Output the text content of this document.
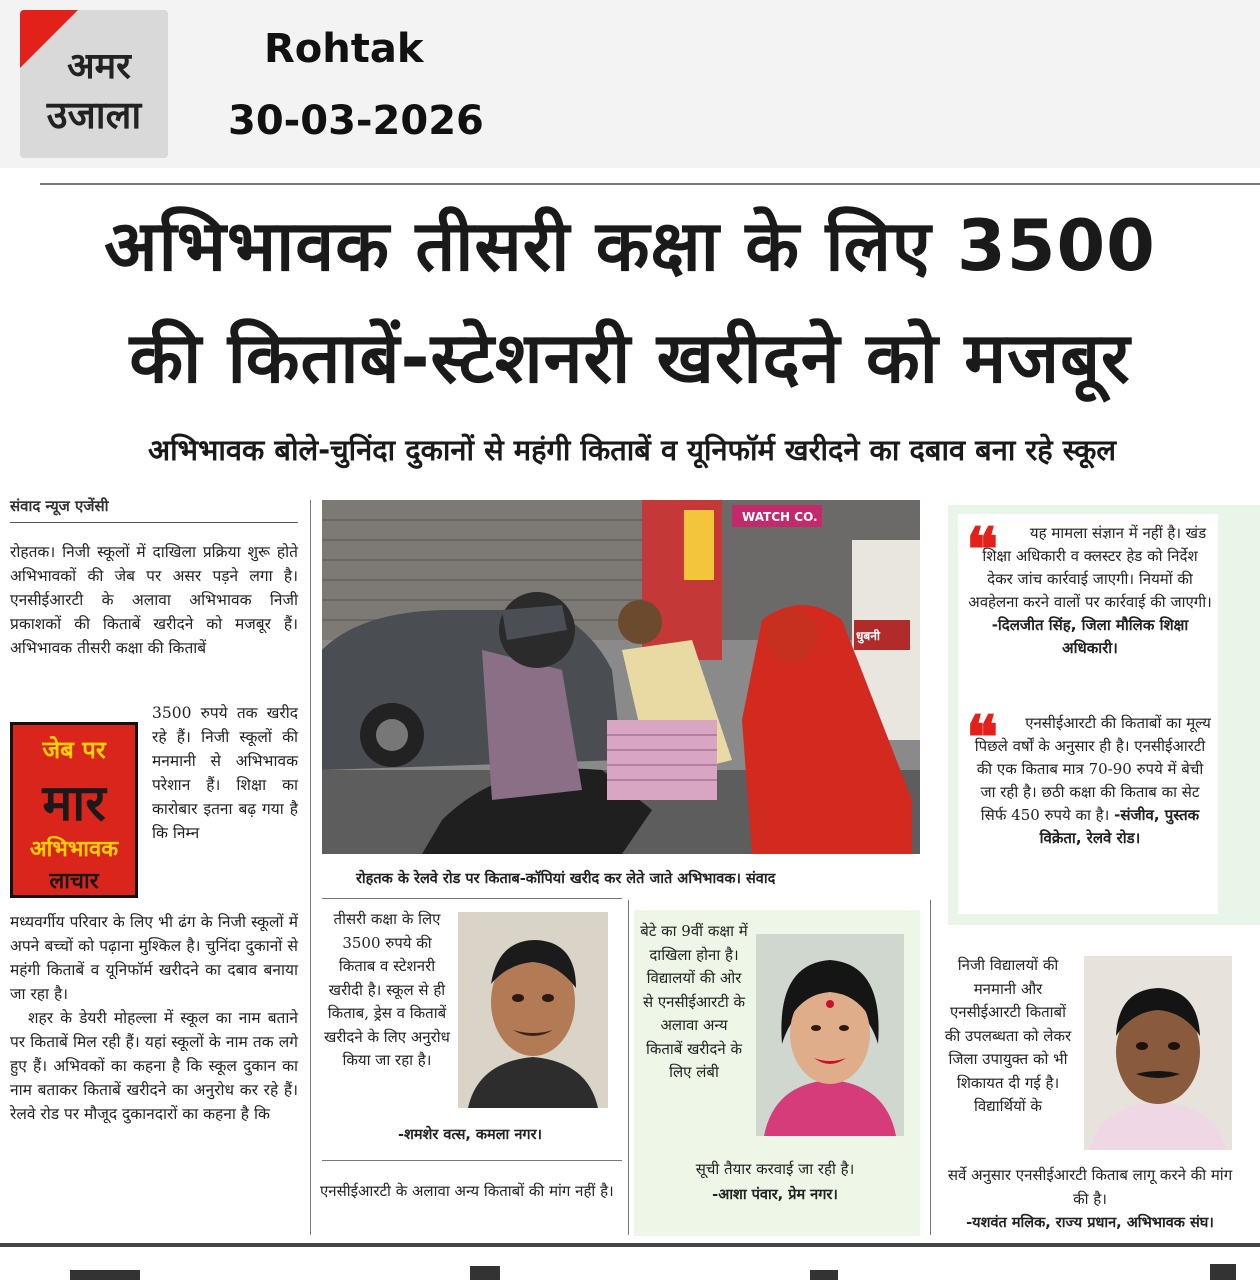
अमर
उजाला
Rohtak
30-03-2026
अभिभावक तीसरी कक्षा के लिए 3500
की किताबें-स्टेशनरी खरीदने को मजबूर
अभिभावक बोले-चुनिंदा दुकानों से महंगी किताबें व यूनिफॉर्म खरीदने का दबाव बना रहे स्कूल
संवाद न्यूज एजेंसी
रोहतक। निजी स्कूलों में दाखिला प्रक्रिया शुरू होते अभिभावकों की जेब पर असर पड़ने लगा है। एनसीईआरटी के अलावा अभिभावक निजी प्रकाशकों की किताबें खरीदने को मजबूर हैं। अभिभावक तीसरी कक्षा की किताबें
3500 रुपये तक खरीद रहे हैं। निजी स्कूलों की मनमानी से अभिभावक परेशान हैं। शिक्षा का कारोबार इतना बढ़ गया है कि निम्न
जेब पर
मार
अभिभावक
लाचार
मध्यवर्गीय परिवार के लिए भी ढंग के निजी स्कूलों में अपने बच्चों को पढ़ाना मुश्किल है। चुनिंदा दुकानों से महंगी किताबें व यूनिफॉर्म खरीदने का दबाव बनाया जा रहा है।
शहर के डेयरी मोहल्ला में स्कूल का नाम बताने पर किताबें मिल रही हैं। यहां स्कूलों के नाम तक लगे हुए हैं। अभिवकों का कहना है कि स्कूल दुकान का नाम बताकर किताबें खरीदने का अनुरोध कर रहे हैं। रेलवे रोड पर मौजूद दुकानदारों का कहना है कि
WATCH CO.
धुबनी
रोहतक के रेलवे रोड पर किताब-कॉपियां खरीद कर लेते जाते अभिभावक। संवाद
❝	यह मामला संज्ञान में नहीं है। खंड शिक्षा अधिकारी व क्लस्टर हेड को निर्देश देकर जांच कार्रवाई जाएगी। नियमों की अवहेलना करने वालों पर कार्रवाई की जाएगी। -दिलजीत सिंह, जिला मौलिक शिक्षा अधिकारी।
❝	एनसीईआरटी की किताबों का मूल्य पिछले वर्षों के अनुसार ही है। एनसीईआरटी की एक किताब मात्र 70-90 रुपये में बेची जा रही है। छठी कक्षा की किताब का सेट सिर्फ 450 रुपये का है। -संजीव, पुस्तक विक्रेता, रेलवे रोड।
तीसरी कक्षा के लिए 3500 रुपये की किताब व स्टेशनरी खरीदी है। स्कूल से ही किताब, ड्रेस व किताबें खरीदने के लिए अनुरोध किया जा रहा है।
-शमशेर वत्स, कमला नगर।
एनसीईआरटी के अलावा अन्य किताबों की मांग नहीं है।
बेटे का 9वीं कक्षा में दाखिला होना है। विद्यालयों की ओर से एनसीईआरटी के अलावा अन्य किताबें खरीदने के लिए लंबी
सूची तैयार करवाई जा रही है।
-आशा पंवार, प्रेम नगर।
निजी विद्यालयों की मनमानी और एनसीईआरटी किताबों की उपलब्धता को लेकर जिला उपायुक्त को भी शिकायत दी गई है। विद्यार्थियों के
सर्वे अनुसार एनसीईआरटी किताब लागू करने की मांग की है।
-यशवंत मलिक, राज्य प्रधान, अभिभावक संघ।
